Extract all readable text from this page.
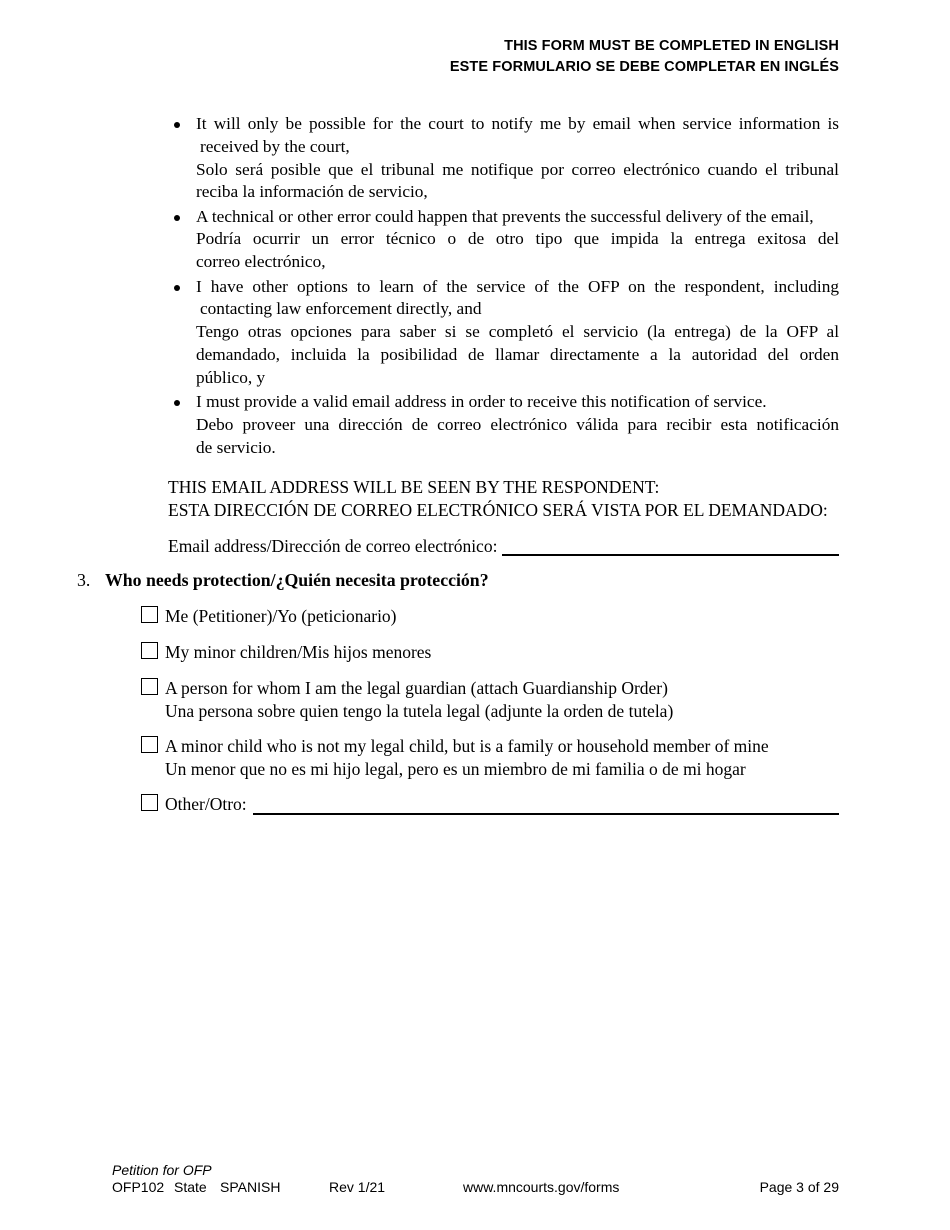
THIS FORM MUST BE COMPLETED IN ENGLISH
ESTE FORMULARIO SE DEBE COMPLETAR EN INGLÉS
It will only be possible for the court to notify me by email when service information is
received by the court,
Solo será posible que el tribunal me notifique por correo electrónico cuando el tribunal
reciba la información de servicio,
A technical or other error could happen that prevents the successful delivery of the email,
Podría ocurrir un error técnico o de otro tipo que impida la entrega exitosa del
correo electrónico,
I have other options to learn of the service of the OFP on the respondent, including
contacting law enforcement directly, and
Tengo otras opciones para saber si se completó el servicio (la entrega) de la OFP al
demandado, incluida la posibilidad de llamar directamente a la autoridad del orden
público, y
I must provide a valid email address in order to receive this notification of service.
Debo proveer una dirección de correo electrónico válida para recibir esta notificación
de servicio.
THIS EMAIL ADDRESS WILL BE SEEN BY THE RESPONDENT:
ESTA DIRECCIÓN DE CORREO ELECTRÓNICO SERÁ VISTA POR EL DEMANDADO:
Email address/Dirección de correo electrónico:
3. Who needs protection/¿Quién necesita protección?
Me (Petitioner)/Yo (peticionario)
My minor children/Mis hijos menores
A person for whom I am the legal guardian (attach Guardianship Order)
Una persona sobre quien tengo la tutela legal (adjunte la orden de tutela)
A minor child who is not my legal child, but is a family or household member of mine
Un menor que no es mi hijo legal, pero es un miembro de mi familia o de mi hogar
Other/Otro:
Petition for OFP
OFP102 State SPANISH	Rev 1/21	www.mncourts.gov/forms	Page 3 of 29
